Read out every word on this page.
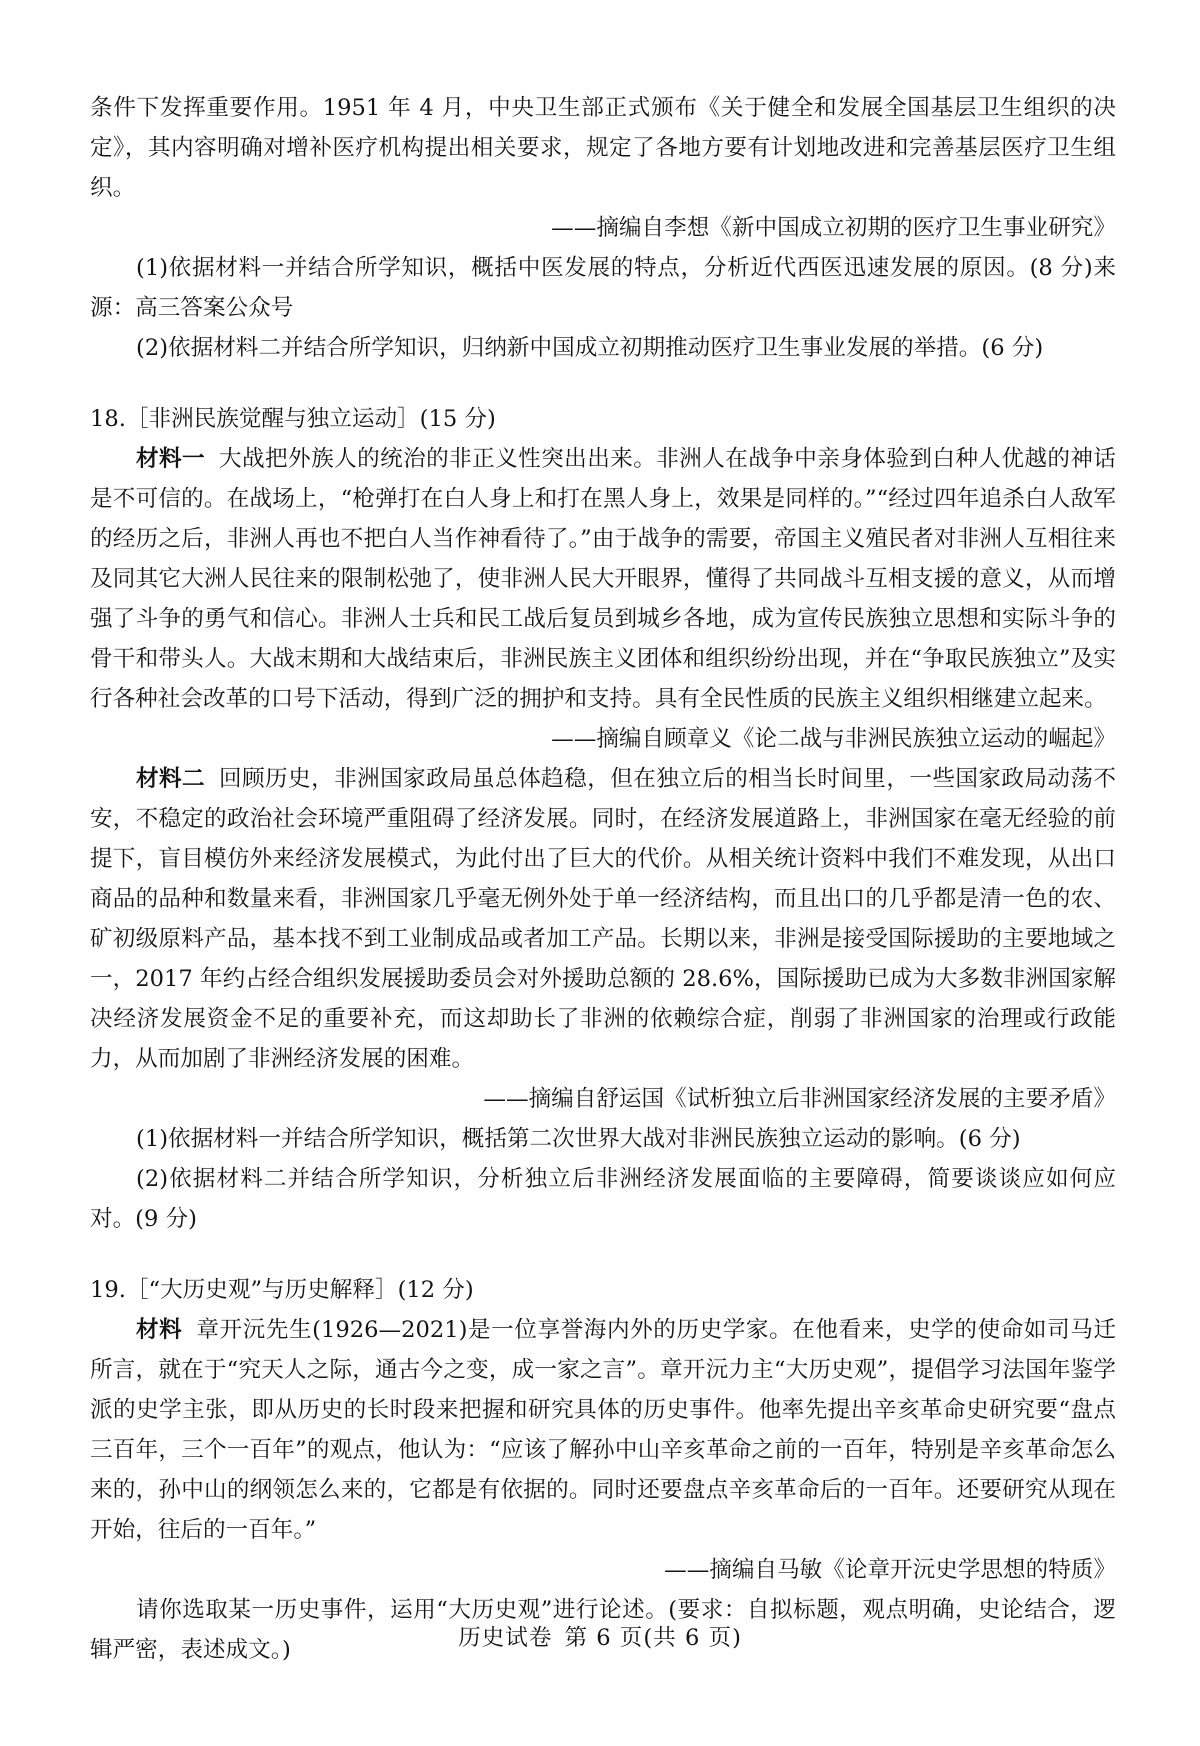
条件下发挥重要作用。1951 年 4 月，中央卫生部正式颁布《关于健全和发展全国基层卫生组织的决定》，其内容明确对增补医疗机构提出相关要求，规定了各地方要有计划地改进和完善基层医疗卫生组织。

——摘编自李想《新中国成立初期的医疗卫生事业研究》

(1)依据材料一并结合所学知识，概括中医发展的特点，分析近代西医迅速发展的原因。(8 分)来源：高三答案公众号

(2)依据材料二并结合所学知识，归纳新中国成立初期推动医疗卫生事业发展的举措。(6 分)

18.［非洲民族觉醒与独立运动］(15 分)

材料一 大战把外族人的统治的非正义性突出出来。非洲人在战争中亲身体验到白种人优越的神话是不可信的。在战场上，“枪弹打在白人身上和打在黑人身上，效果是同样的。”“经过四年追杀白人敌军的经历之后，非洲人再也不把白人当作神看待了。”由于战争的需要，帝国主义殖民者对非洲人互相往来及同其它大洲人民往来的限制松弛了，使非洲人民大开眼界，懂得了共同战斗互相支援的意义，从而增强了斗争的勇气和信心。非洲人士兵和民工战后复员到城乡各地，成为宣传民族独立思想和实际斗争的骨干和带头人。大战末期和大战结束后，非洲民族主义团体和组织纷纷出现，并在“争取民族独立”及实行各种社会改革的口号下活动，得到广泛的拥护和支持。具有全民性质的民族主义组织相继建立起来。

——摘编自顾章义《论二战与非洲民族独立运动的崛起》

材料二 回顾历史，非洲国家政局虽总体趋稳，但在独立后的相当长时间里，一些国家政局动荡不安，不稳定的政治社会环境严重阻碍了经济发展。同时，在经济发展道路上，非洲国家在毫无经验的前提下，盲目模仿外来经济发展模式，为此付出了巨大的代价。从相关统计资料中我们不难发现，从出口商品的品种和数量来看，非洲国家几乎毫无例外处于单一经济结构，而且出口的几乎都是清一色的农、矿初级原料产品，基本找不到工业制成品或者加工产品。长期以来，非洲是接受国际援助的主要地域之一，2017 年约占经合组织发展援助委员会对外援助总额的 28.6%，国际援助已成为大多数非洲国家解决经济发展资金不足的重要补充，而这却助长了非洲的依赖综合症，削弱了非洲国家的治理或行政能力，从而加剧了非洲经济发展的困难。

——摘编自舒运国《试析独立后非洲国家经济发展的主要矛盾》

(1)依据材料一并结合所学知识，概括第二次世界大战对非洲民族独立运动的影响。(6 分)

(2)依据材料二并结合所学知识，分析独立后非洲经济发展面临的主要障碍，简要谈谈应如何应对。(9 分)

19.［“大历史观”与历史解释］(12 分)

材料 章开沅先生(1926—2021)是一位享誉海内外的历史学家。在他看来，史学的使命如司马迁所言，就在于“究天人之际，通古今之变，成一家之言”。章开沅力主“大历史观”，提倡学习法国年鉴学派的史学主张，即从历史的长时段来把握和研究具体的历史事件。他率先提出辛亥革命史研究要“盘点三百年，三个一百年”的观点，他认为：“应该了解孙中山辛亥革命之前的一百年，特别是辛亥革命怎么来的，孙中山的纲领怎么来的，它都是有依据的。同时还要盘点辛亥革命后的一百年。还要研究从现在开始，往后的一百年。”

——摘编自马敏《论章开沅史学思想的特质》

请你选取某一历史事件，运用“大历史观”进行论述。(要求：自拟标题，观点明确，史论结合，逻辑严密，表述成文。)	历史试卷 第 6 页(共 6 页)
